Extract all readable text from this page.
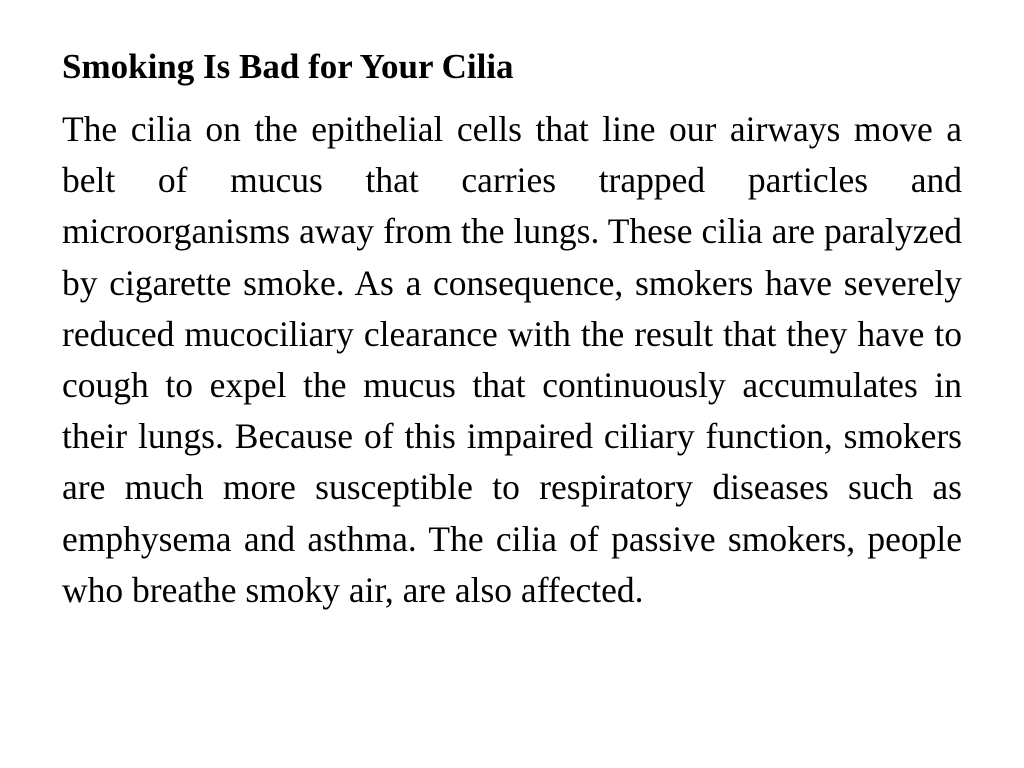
Smoking Is Bad for Your Cilia

The cilia on the epithelial cells that line our airways move a belt of mucus that carries trapped particles and microorganisms away from the lungs. These cilia are paralyzed by cigarette smoke. As a consequence, smokers have severely reduced mucociliary clearance with the result that they have to cough to expel the mucus that continuously accumulates in their lungs. Because of this impaired ciliary function, smokers are much more susceptible to respiratory diseases such as emphysema and asthma. The cilia of passive smokers, people who breathe smoky air, are also affected.
